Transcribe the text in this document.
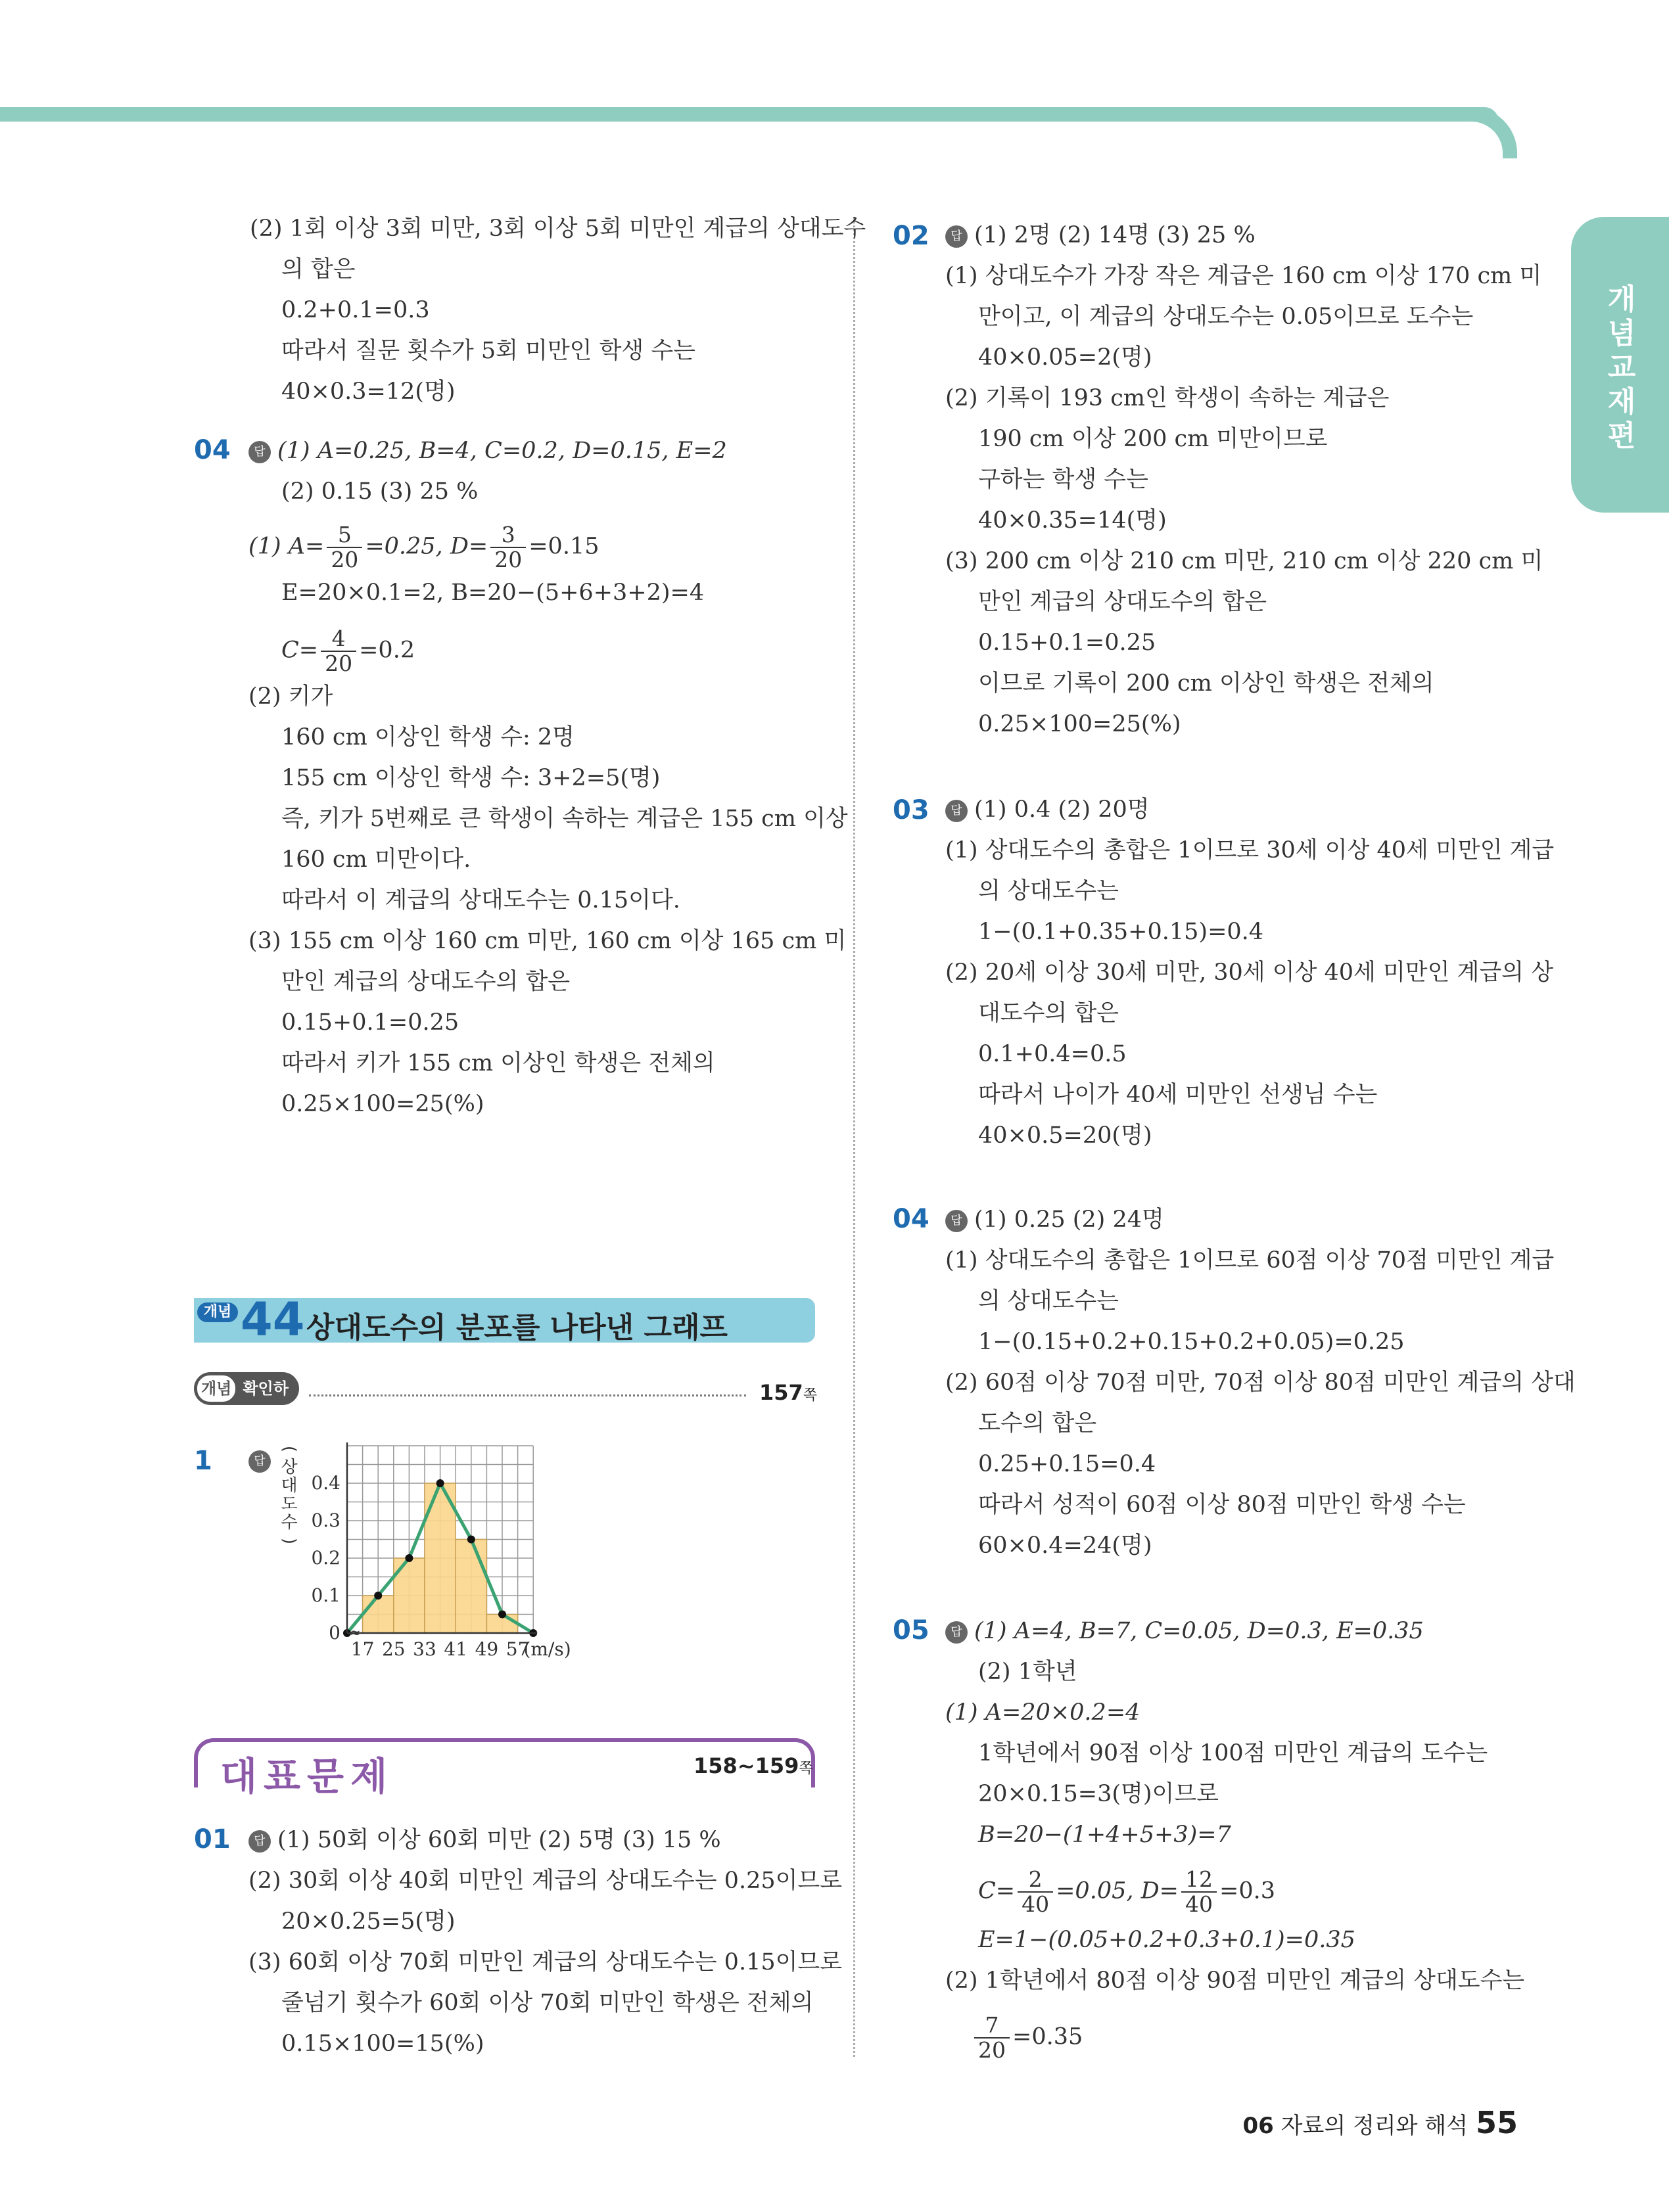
개념교재편
(2) 1회 이상 3회 미만, 3회 이상 5회 미만인 계급의 상대도수
의 합은
0.2+0.1=0.3
따라서 질문 횟수가 5회 미만인 학생 수는
40×0.3=12(명)
04	답 (1) A=0.25, B=4, C=0.2, D=0.15, E=2
(2) 0.15 (3) 25 %
(1) $A= \frac{5}{20} =0.25$, $D= \frac{3}{20} =0.15$
E=20×0.1=2, B=20−(5+6+3+2)=4
$C= \frac{4}{20} =0.2$
(2) 키가
160 cm 이상인 학생 수: 2명
155 cm 이상인 학생 수: 3+2=5(명)
즉, 키가 5번째로 큰 학생이 속하는 계급은 155 cm 이상
160 cm 미만이다.
따라서 이 계급의 상대도수는 0.15이다.
(3) 155 cm 이상 160 cm 미만, 160 cm 이상 165 cm 미
만인 계급의 상대도수의 합은
0.15+0.1=0.25
따라서 키가 155 cm 이상인 학생은 전체의
0.25×100=25(%)
개념 44 상대도수의 분포를 나타낸 그래프
개념 확인하기
157쪽
1	답
0
0.1
0.2
0.3
0.4
17 25 33 41 49 57
≈
(m/s)
(
상
대
도
수
)
대표문제	158~159쪽
01	답 (1) 50회 이상 60회 미만 (2) 5명 (3) 15 %
(2) 30회 이상 40회 미만인 계급의 상대도수는 0.25이므로
20×0.25=5(명)
(3) 60회 이상 70회 미만인 계급의 상대도수는 0.15이므로
줄넘기 횟수가 60회 이상 70회 미만인 학생은 전체의
0.15×100=15(%)
02	답 (1) 2명 (2) 14명 (3) 25 %
(1) 상대도수가 가장 작은 계급은 160 cm 이상 170 cm 미
만이고, 이 계급의 상대도수는 0.05이므로 도수는
40×0.05=2(명)
(2) 기록이 193 cm인 학생이 속하는 계급은
190 cm 이상 200 cm 미만이므로
구하는 학생 수는
40×0.35=14(명)
(3) 200 cm 이상 210 cm 미만, 210 cm 이상 220 cm 미
만인 계급의 상대도수의 합은
0.15+0.1=0.25
이므로 기록이 200 cm 이상인 학생은 전체의
0.25×100=25(%)
03	답 (1) 0.4 (2) 20명
(1) 상대도수의 총합은 1이므로 30세 이상 40세 미만인 계급
의 상대도수는
1−(0.1+0.35+0.15)=0.4
(2) 20세 이상 30세 미만, 30세 이상 40세 미만인 계급의 상
대도수의 합은
0.1+0.4=0.5
따라서 나이가 40세 미만인 선생님 수는
40×0.5=20(명)
04	답 (1) 0.25 (2) 24명
(1) 상대도수의 총합은 1이므로 60점 이상 70점 미만인 계급
의 상대도수는
1−(0.15+0.2+0.15+0.2+0.05)=0.25
(2) 60점 이상 70점 미만, 70점 이상 80점 미만인 계급의 상대
도수의 합은
0.25+0.15=0.4
따라서 성적이 60점 이상 80점 미만인 학생 수는
60×0.4=24(명)
05	답 (1) A=4, B=7, C=0.05, D=0.3, E=0.35
(2) 1학년
(1) A=20×0.2=4
1학년에서 90점 이상 100점 미만인 계급의 도수는
20×0.15=3(명)이므로
B=20−(1+4+5+3)=7
$C= \frac{2}{40} =0.05$, $D= \frac{12}{40} =0.3$
E=1−(0.05+0.2+0.3+0.1)=0.35
(2) 1학년에서 80점 이상 90점 미만인 계급의 상대도수는
$\frac{7}{20} =0.35$
06 자료의 정리와 해석 55
